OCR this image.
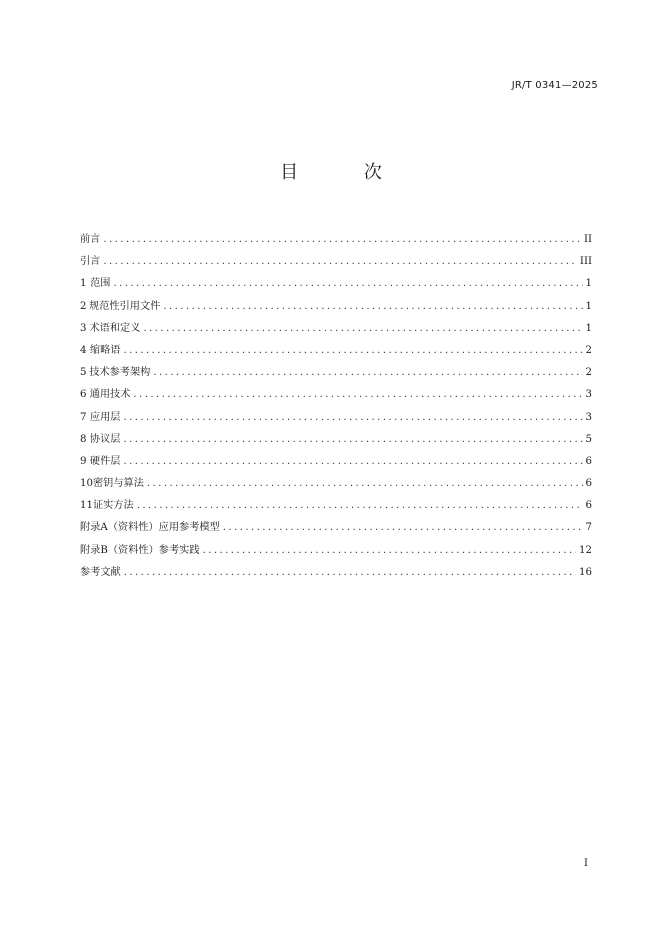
JR/T 0341—2025
目 次
前言 .....	II
引言 .....	III
1 范围 .....	1
2 规范性引用文件 .....	1
3 术语和定义 .....	1
4 缩略语 .....	2
5 技术参考架构 .....	2
6 通用技术 .....	3
7 应用层 .....	3
8 协议层 .....	5
9 硬件层 .....	6
10 密钥与算法 .....	6
11 证实方法 .....	6
附录A（资料性）应用参考模型 .....	7
附录B（资料性）参考实践 .....	12
参考文献 .....	16
I
